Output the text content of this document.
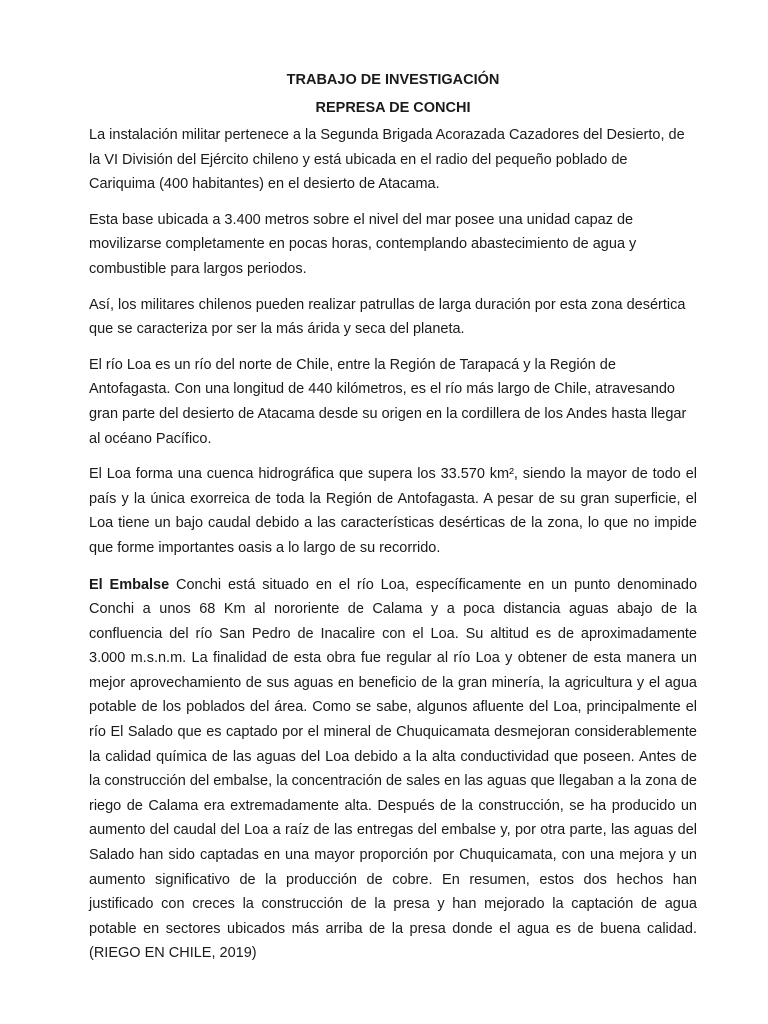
TRABAJO DE INVESTIGACIÓN

REPRESA DE CONCHI

La instalación militar pertenece a la Segunda Brigada Acorazada Cazadores del Desierto, de la VI División del Ejército chileno y está ubicada en el radio del pequeño poblado de Cariquima (400 habitantes) en el desierto de Atacama.

Esta base ubicada a 3.400 metros sobre el nivel del mar posee una unidad capaz de movilizarse completamente en pocas horas, contemplando abastecimiento de agua y combustible para largos periodos.

Así, los militares chilenos pueden realizar patrullas de larga duración por esta zona desértica que se caracteriza por ser la más árida y seca del planeta.

El río Loa es un río del norte de Chile, entre la Región de Tarapacá y la Región de Antofagasta. Con una longitud de 440 kilómetros, es el río más largo de Chile, atravesando gran parte del desierto de Atacama desde su origen en la cordillera de los Andes hasta llegar al océano Pacífico.

El Loa forma una cuenca hidrográfica que supera los 33.570 km², siendo la mayor de todo el país y la única exorreica de toda la Región de Antofagasta. A pesar de su gran superficie, el Loa tiene un bajo caudal debido a las características desérticas de la zona, lo que no impide que forme importantes oasis a lo largo de su recorrido.

El Embalse Conchi está situado en el río Loa, específicamente en un punto denominado Conchi a unos 68 Km al nororiente de Calama y a poca distancia aguas abajo de la confluencia del río San Pedro de Inacalire con el Loa. Su altitud es de aproximadamente 3.000 m.s.n.m. La finalidad de esta obra fue regular al río Loa y obtener de esta manera un mejor aprovechamiento de sus aguas en beneficio de la gran minería, la agricultura y el agua potable de los poblados del área. Como se sabe, algunos afluente del Loa, principalmente el río El Salado que es captado por el mineral de Chuquicamata desmejoran considerablemente la calidad química de las aguas del Loa debido a la alta conductividad que poseen. Antes de la construcción del embalse, la concentración de sales en las aguas que llegaban a la zona de riego de Calama era extremadamente alta. Después de la construcción, se ha producido un aumento del caudal del Loa a raíz de las entregas del embalse y, por otra parte, las aguas del Salado han sido captadas en una mayor proporción por Chuquicamata, con una mejora y un aumento significativo de la producción de cobre. En resumen, estos dos hechos han justificado con creces la construcción de la presa y han mejorado la captación de agua potable en sectores ubicados más arriba de la presa donde el agua es de buena calidad.(RIEGO EN CHILE, 2019)
